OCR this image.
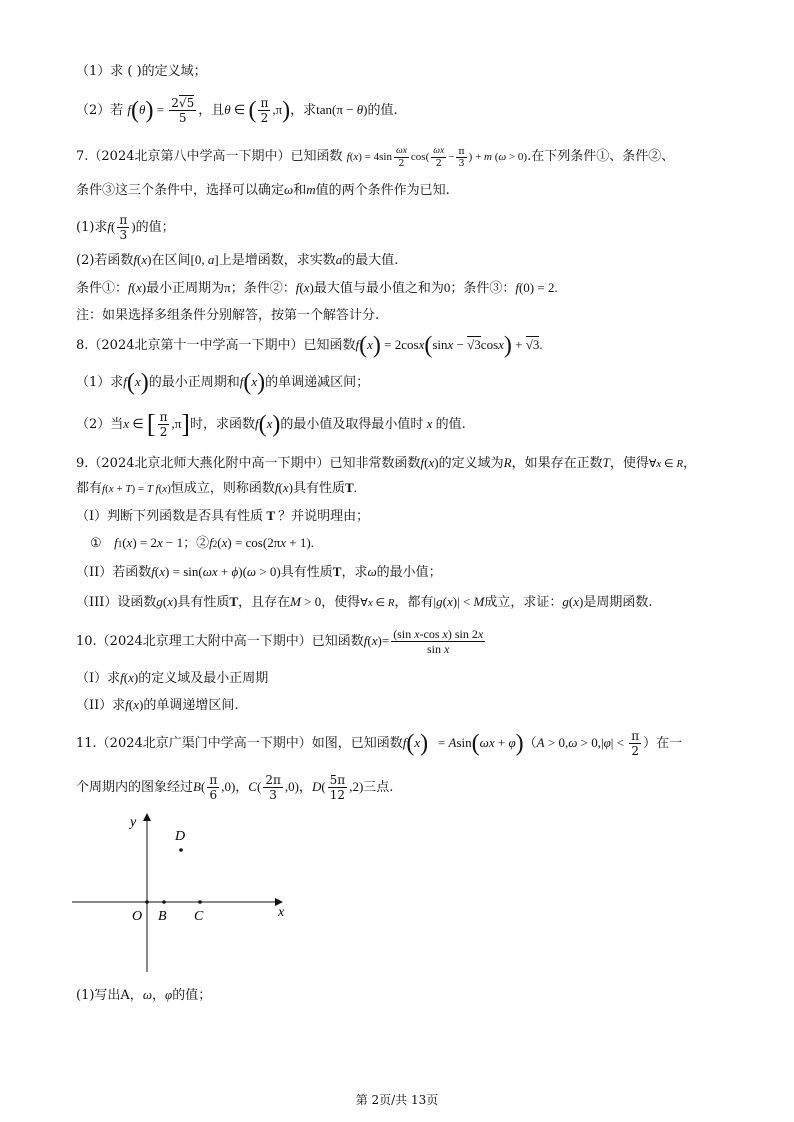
（1）求 ( )的定义域；
（2）若 $f(\theta) = \frac{2√5}{5}$ ，且θ ∈ ( $\frac{\pi}{2} ,\pi$)，求tan(π − θ)的值.
7.（2024北京第八中学高一下期中）已知函数 $f(x) = 4\sin \frac{\omega x}{2} \cos( \frac{\omega x}{2} - \frac{\pi}{3}$ ) + m (ω > 0).在下列条件①、条件②、
条件③这三个条件中，选择可以确定ω和m值的两个条件作为已知.
(1)求$f( \frac{\pi}{3}$ )的值；
(2)若函数f(x)在区间[0, a]上是增函数，求实数a的最大值.
条件①：f(x)最小正周期为π；条件②：f(x)最大值与最小值之和为0；条件③：f(0) = 2.
注：如果选择多组条件分别解答，按第一个解答计分.
8.（2024北京第十一中学高一下期中）已知函数f(x) = 2cosx(sinx − √3cosx) + √3.
（1）求f(x)的最小正周期和f(x)的单调递减区间；
（2）当x ∈ [ $\frac{\pi}{2} ,\pi$]时，求函数f(x)的最小值及取得最小值时 x 的值.
9.（2024北京北师大燕化附中高一下期中）已知非常数函数f(x)的定义域为R，如果存在正数T，使得∀x ∈ R，
都有f(x + T) = T f(x)恒成立，则称函数f(x)具有性质T.
（I）判断下列函数是否具有性质 T ？并说明理由；
① f1(x) = 2x − 1；②f2(x) = cos(2πx + 1).
（II）若函数f(x) = sin(ωx + ϕ)(ω > 0)具有性质T，求ω的最小值；
（III）设函数g(x)具有性质T，且存在M > 0，使得∀x ∈ R，都有|g(x)| < M成立，求证：g(x)是周期函数.
10.（2024北京理工大附中高一下期中）已知函数$f(x)= \frac{\text{(sin x-cos x) sin 2x}}{\text{sin x}}$
（I）求f(x)的定义域及最小正周期
（II）求f(x)的单调递增区间.
11.（2024北京广渠门中学高一下期中）如图，已知函数$f(x) = Asin(\omega x + \varphi)(A > 0,\omega > 0,|\varphi| < \frac{\pi}{2}$ ）在一
个周期内的图象经过$B( \frac{\pi}{6} ,0)$，$C( \frac{2\pi}{3} ,0)$，$D( \frac{5\pi}{12} ,2)$三点.
y
x
O B C
D
(1)写出A，ω，φ的值；
第 2页/共 13页
